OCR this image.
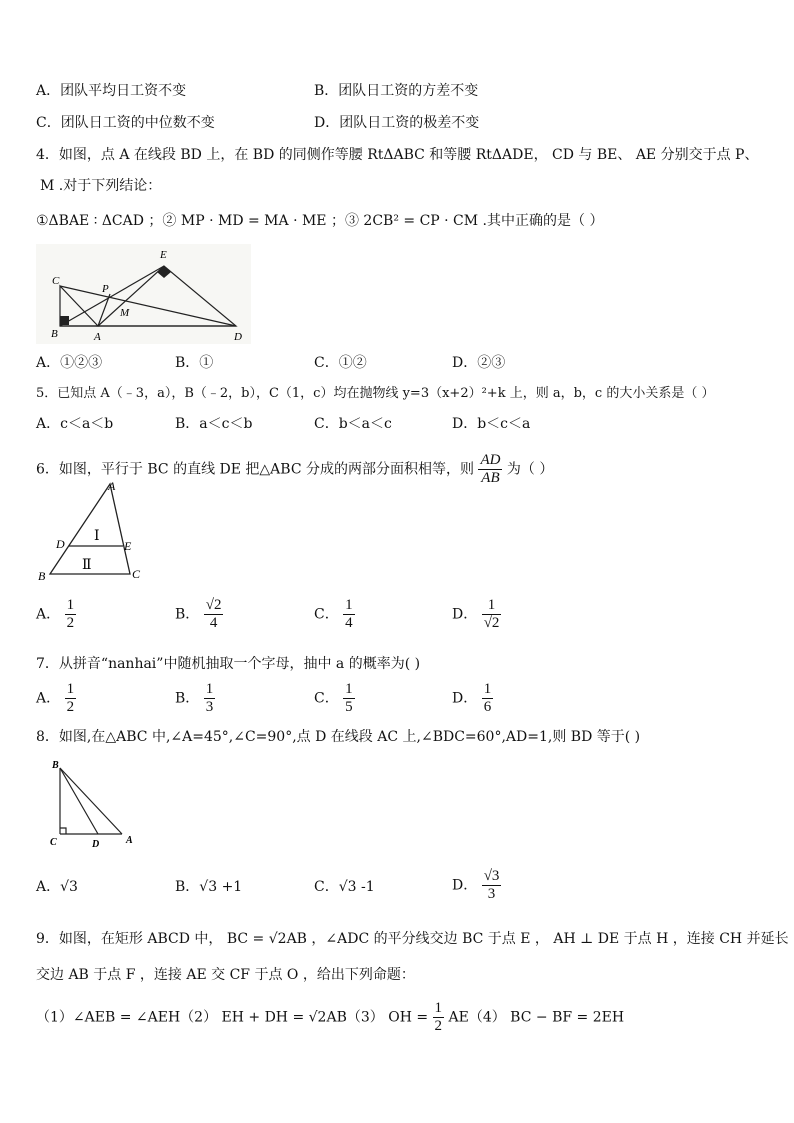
A．团队平均日工资不变	B．团队日工资的方差不变
C．团队日工资的中位数不变	D．团队日工资的极差不变
4．如图，点 A 在线段 BD 上，在 BD 的同侧作等腰 RtΔABC 和等腰 RtΔADE， CD 与 BE、 AE 分别交于点 P、
M .对于下列结论：
①ΔBAE ∶ ΔCAD ；② MP · MD = MA · ME ；③ 2CB² = CP · CM .其中正确的是（ ）
C
E
P
M
B	A	D
A．①②③	B．①	C．①②	D．②③
5．已知点 A（﹣3，a），B（﹣2，b），C（1，c）均在抛物线 y=3（x+2）²+k 上，则 a，b，c 的大小关系是（ ）
A．c＜a＜b	B．a＜c＜b	C．b＜a＜c	D．b＜c＜a
6．如图，平行于 BC 的直线 DE 把△ABC 分成的两部分面积相等，则 $\frac{AD}{AB}$ 为（ ）
A
D	E
B	C
Ⅰ
Ⅱ
A． $\frac{1}{2}$	B． $\frac{√2}{4}$	C． $\frac{1}{4}$	D． $\frac{1}{√2}$
7．从拼音“nanhai”中随机抽取一个字母，抽中 a 的概率为( )
A． $\frac{1}{2}$	B． $\frac{1}{3}$	C． $\frac{1}{5}$	D． $\frac{1}{6}$
8．如图,在△ABC 中,∠A=45°,∠C=90°,点 D 在线段 AC 上,∠BDC=60°,AD=1,则 BD 等于( )
B
C	D	A
A．√3	B．√3 +1	C．√3 -1	D． $\frac{√3}{3}$
9．如图，在矩形 ABCD 中， BC = √2AB ，∠ADC 的平分线交边 BC 于点 E ， AH ⊥ DE 于点 H ，连接 CH 并延长
交边 AB 于点 F ，连接 AE 交 CF 于点 O ，给出下列命题：
（1）∠AEB = ∠AEH（2） EH + DH = √2AB（3） OH = $\frac{1}{2} AE(4)$ BC − BF = 2EH
